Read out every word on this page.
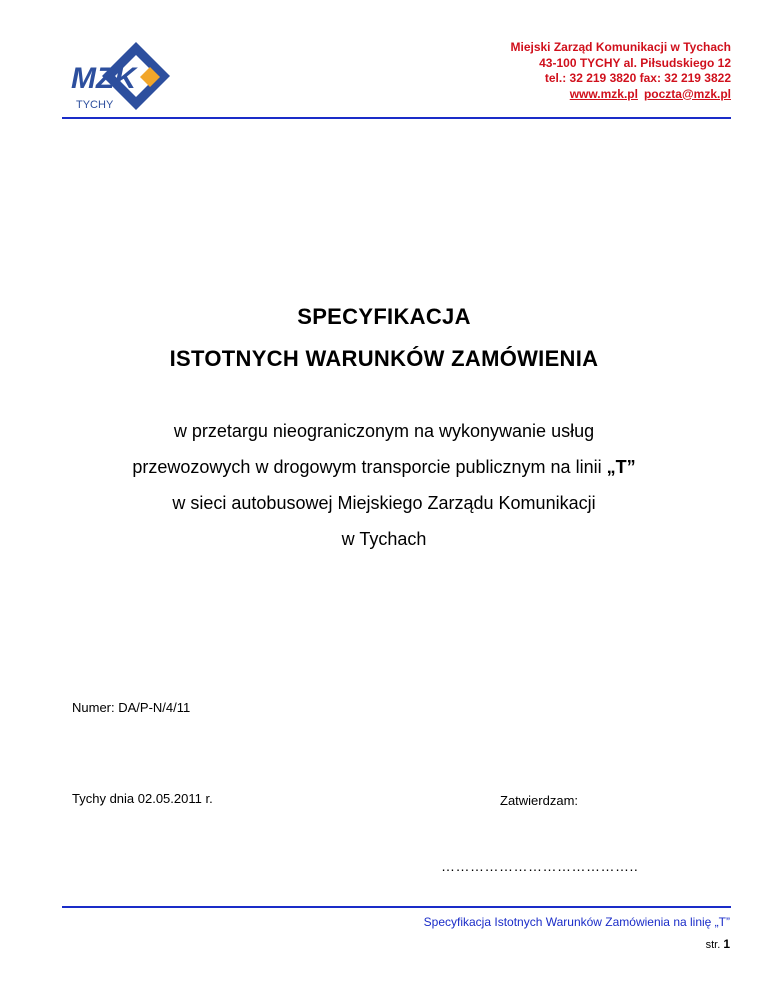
MZK
TYCHY
Miejski Zarząd Komunikacji w Tychach
43-100 TYCHY al. Piłsudskiego 12
tel.: 32 219 3820 fax: 32 219 3822
www.mzk.pl poczta@mzk.pl
SPECYFIKACJA
ISTOTNYCH WARUNKÓW ZAMÓWIENIA
w przetargu nieograniczonym na wykonywanie usług
przewozowych w drogowym transporcie publicznym na linii „T”
w sieci autobusowej Miejskiego Zarządu Komunikacji
w Tychach
Numer: DA/P-N/4/11
Tychy dnia 02.05.2011 r.	Zatwierdzam:
…………………………………..
Specyfikacja Istotnych Warunków Zamówienia na linię „T”
str. 1
